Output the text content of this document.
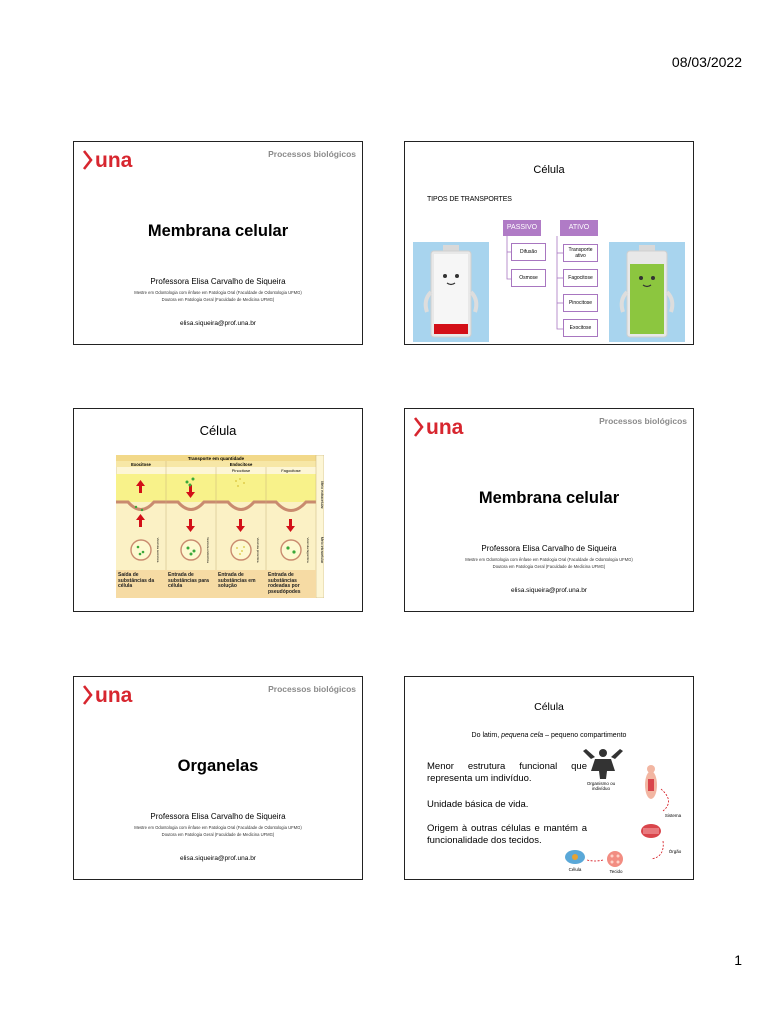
08/03/2022
una	Processos biológicos
Membrana celular
Professora Elisa Carvalho de Siqueira
Mestre em Odontologia com ênfase em Patologia Oral (Faculdade de Odontologia UFMG)
Doutora em Patologia Geral (Faculdade de Medicina UFMG)
elisa.siqueira@prof.una.br
Célula
TIPOS DE TRANSPORTES
PASSIVO	ATIVO
Difusão
Osmose
Transporte ativo
Fagocitose
Pinocitose
Exocitose
Célula
Transporte em quantidade
Exocitose	Endocitose
Pinocitose	Fagocitose
Meio extracelular
Meio intracelular
Vesícula secretora	Vesícula endocítica	Vesícula pinocítica	Vesícula fagocítica
Saída de substâncias da célula
Entrada de substâncias para célula
Entrada de substâncias em solução
Entrada de substâncias rodeadas por pseudópodes
una	Processos biológicos
Membrana celular
Professora Elisa Carvalho de Siqueira
Mestre em Odontologia com ênfase em Patologia Oral (Faculdade de Odontologia UFMG)
Doutora em Patologia Geral (Faculdade de Medicina UFMG)
elisa.siqueira@prof.una.br
una	Processos biológicos
Organelas
Professora Elisa Carvalho de Siqueira
Mestre em Odontologia com ênfase em Patologia Oral (Faculdade de Odontologia UFMG)
Doutora em Patologia Geral (Faculdade de Medicina UFMG)
elisa.siqueira@prof.una.br
Célula
Do latim, pequena cela – pequeno compartimento
Menor estrutura funcional que representa um indivíduo.
Unidade básica de vida.
Origem à outras células e mantém a funcionalidade dos tecidos.
Organismo ou indivíduo
Sistema
Órgão
Tecido
Célula
1
